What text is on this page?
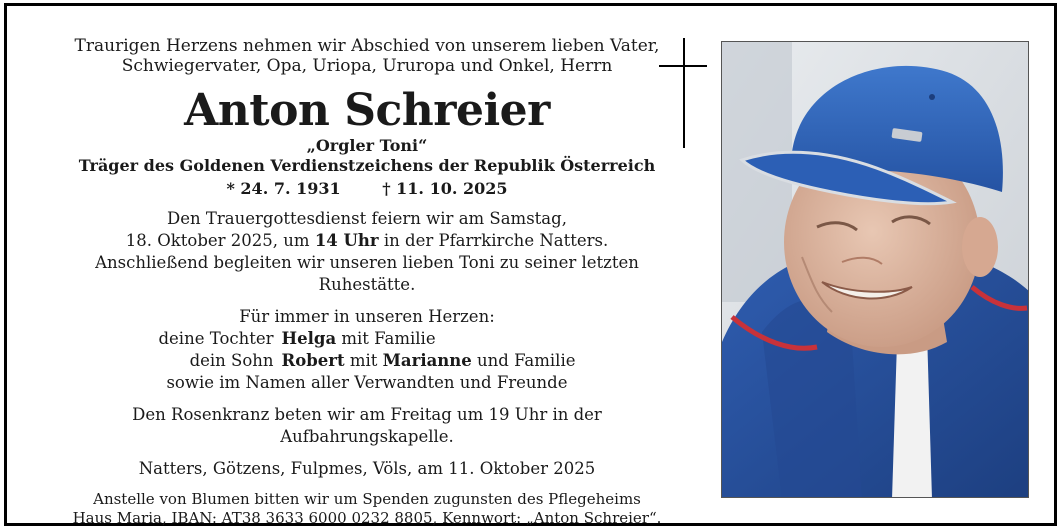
Traurigen Herzens nehmen wir Abschied von unserem lieben Vater,
Schwiegervater, Opa, Uriopa, Ururopa und Onkel, Herrn
Anton Schreier
„Orgler Toni“
Träger des Goldenen Verdienstzeichens der Republik Österreich
* 24. 7. 1931	† 11. 10. 2025
Den Trauergottesdienst feiern wir am Samstag,
18. Oktober 2025, um 14 Uhr in der Pfarrkirche Natters.
Anschließend begleiten wir unseren lieben Toni zu seiner letzten Ruhestätte.
Für immer in unseren Herzen:
deine Tochter	Helga mit Familie
dein Sohn	Robert mit Marianne und Familie
sowie im Namen aller Verwandten und Freunde
Den Rosenkranz beten wir am Freitag um 19 Uhr in der Aufbahrungskapelle.
Natters, Götzens, Fulpmes, Völs, am 11. Oktober 2025
Anstelle von Blumen bitten wir um Spenden zugunsten des Pflegeheims
Haus Maria, IBAN: AT38 3633 6000 0232 8805, Kennwort: „Anton Schreier“.
